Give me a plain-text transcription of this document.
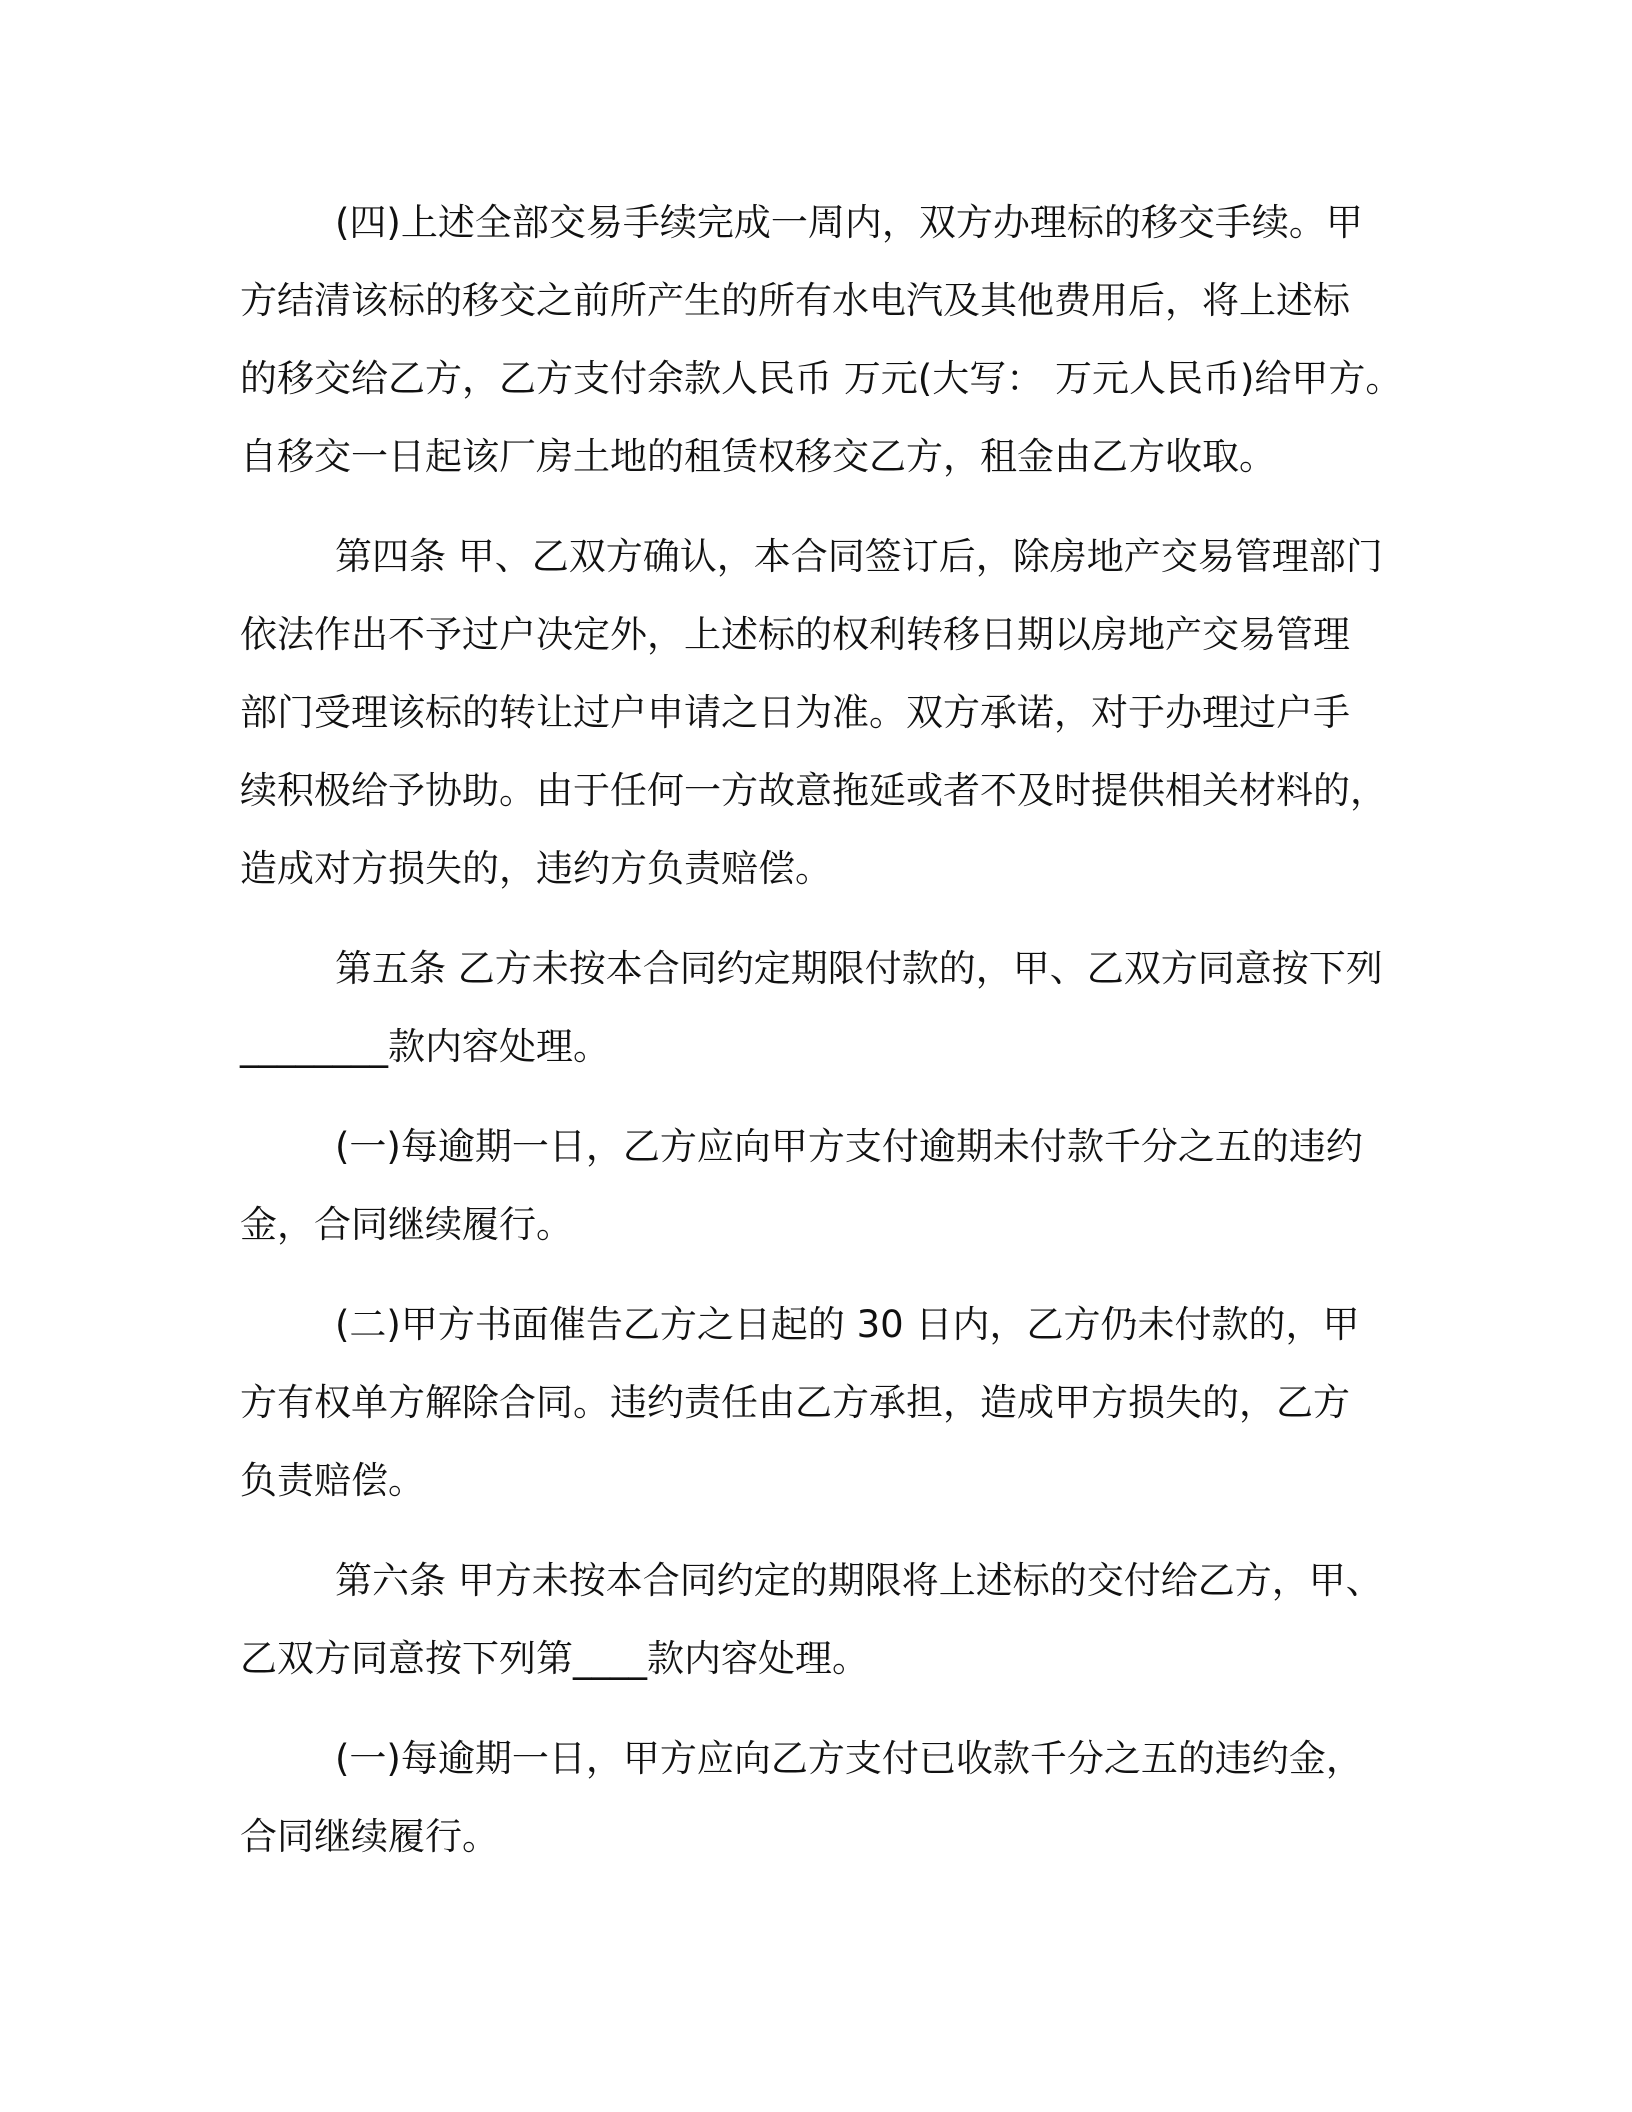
(四)上述全部交易手续完成一周内，双方办理标的移交手续。甲
方结清该标的移交之前所产生的所有水电汽及其他费用后，将上述标
的移交给乙方，乙方支付余款人民币 万元(大写： 万元人民币)给甲方。
自移交一日起该厂房土地的租赁权移交乙方，租金由乙方收取。
第四条 甲、乙双方确认，本合同签订后，除房地产交易管理部门
依法作出不予过户决定外，上述标的权利转移日期以房地产交易管理
部门受理该标的转让过户申请之日为准。双方承诺，对于办理过户手
续积极给予协助。由于任何一方故意拖延或者不及时提供相关材料的，
造成对方损失的，违约方负责赔偿。
第五条 乙方未按本合同约定期限付款的，甲、乙双方同意按下列
________款内容处理。
(一)每逾期一日，乙方应向甲方支付逾期未付款千分之五的违约
金，合同继续履行。
(二)甲方书面催告乙方之日起的 30 日内，乙方仍未付款的，甲
方有权单方解除合同。违约责任由乙方承担，造成甲方损失的，乙方
负责赔偿。
第六条 甲方未按本合同约定的期限将上述标的交付给乙方，甲、
乙双方同意按下列第____款内容处理。
(一)每逾期一日，甲方应向乙方支付已收款千分之五的违约金，
合同继续履行。
